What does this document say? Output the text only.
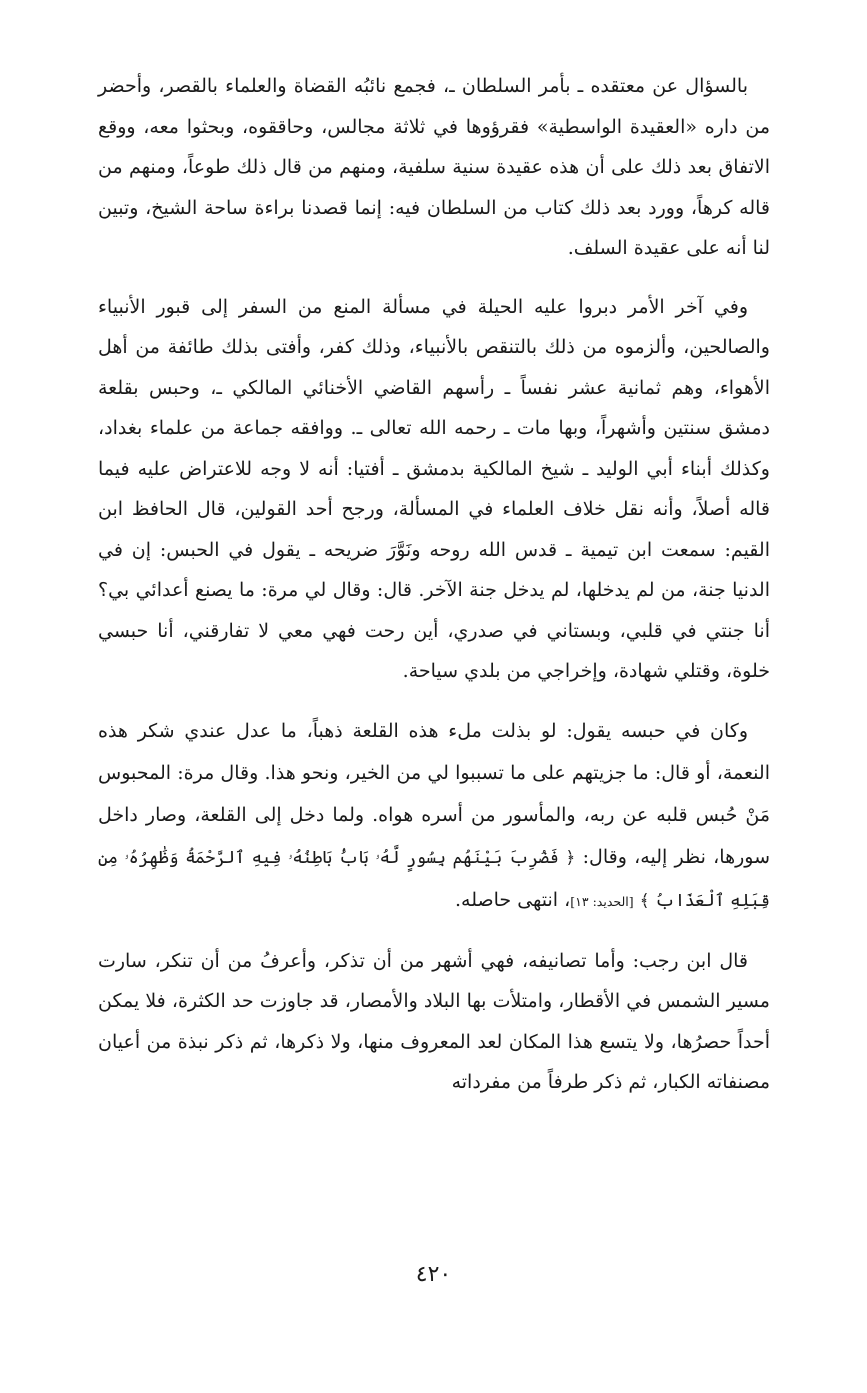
بالسؤال عن معتقده ـ بأمر السلطان ـ، فجمع نائبُه القضاة والعلماء بالقصر، وأحضر من داره «العقيدة الواسطية» فقرؤوها في ثلاثة مجالس، وحاققوه، وبحثوا معه، ووقع الاتفاق بعد ذلك على أن هذه عقيدة سنية سلفية، ومنهم من قال ذلك طوعاً، ومنهم من قاله كرهاً، وورد بعد ذلك كتاب من السلطان فيه: إنما قصدنا براءة ساحة الشيخ، وتبين لنا أنه على عقيدة السلف.

وفي آخر الأمر دبروا عليه الحيلة في مسألة المنع من السفر إلى قبور الأنبياء والصالحين، وألزموه من ذلك بالتنقص بالأنبياء، وذلك كفر، وأفتى بذلك طائفة من أهل الأهواء، وهم ثمانية عشر نفساً ـ رأسهم القاضي الأخنائي المالكي ـ، وحبس بقلعة دمشق سنتين وأشهراً، وبها مات ـ رحمه الله تعالى ـ. ووافقه جماعة من علماء بغداد، وكذلك أبناء أبي الوليد ـ شيخ المالكية بدمشق ـ أفتيا: أنه لا وجه للاعتراض عليه فيما قاله أصلاً، وأنه نقل خلاف العلماء في المسألة، ورجح أحد القولين، قال الحافظ ابن القيم: سمعت ابن تيمية ـ قدس الله روحه ونَوَّرَ ضريحه ـ يقول في الحبس: إن في الدنيا جنة، من لم يدخلها، لم يدخل جنة الآخر. قال: وقال لي مرة: ما يصنع أعدائي بي؟ أنا جنتي في قلبي، وبستاني في صدري، أين رحت فهي معي لا تفارقني، أنا حبسي خلوة، وقتلي شهادة، وإخراجي من بلدي سياحة.

وكان في حبسه يقول: لو بذلت ملء هذه القلعة ذهباً، ما عدل عندي شكر هذه النعمة، أو قال: ما جزيتهم على ما تسببوا لي من الخير، ونحو هذا. وقال مرة: المحبوس مَنْ حُبس قلبه عن ربه، والمأسور من أسره هواه. ولما دخل إلى القلعة، وصار داخل سورها، نظر إليه، وقال: ﴿ فَضُرِبَ بَيْنَهُم بِسُورٍ لَّهُۥ بَابُۢ بَاطِنُهُۥ فِيهِ ٱلرَّحْمَةُ وَظَٰهِرُهُۥ مِن قِبَلِهِ ٱلْعَذَابُ ﴾ [الحديد: ١٣]، انتهى حاصله.

قال ابن رجب: وأما تصانيفه، فهي أشهر من أن تذكر، وأعرفُ من أن تنكر، سارت مسير الشمس في الأقطار، وامتلأت بها البلاد والأمصار، قد جاوزت حد الكثرة، فلا يمكن أحداً حصرُها، ولا يتسع هذا المكان لعد المعروف منها، ولا ذكرها، ثم ذكر نبذة من أعيان مصنفاته الكبار، ثم ذكر طرفاً من مفرداته

٤٢٠
